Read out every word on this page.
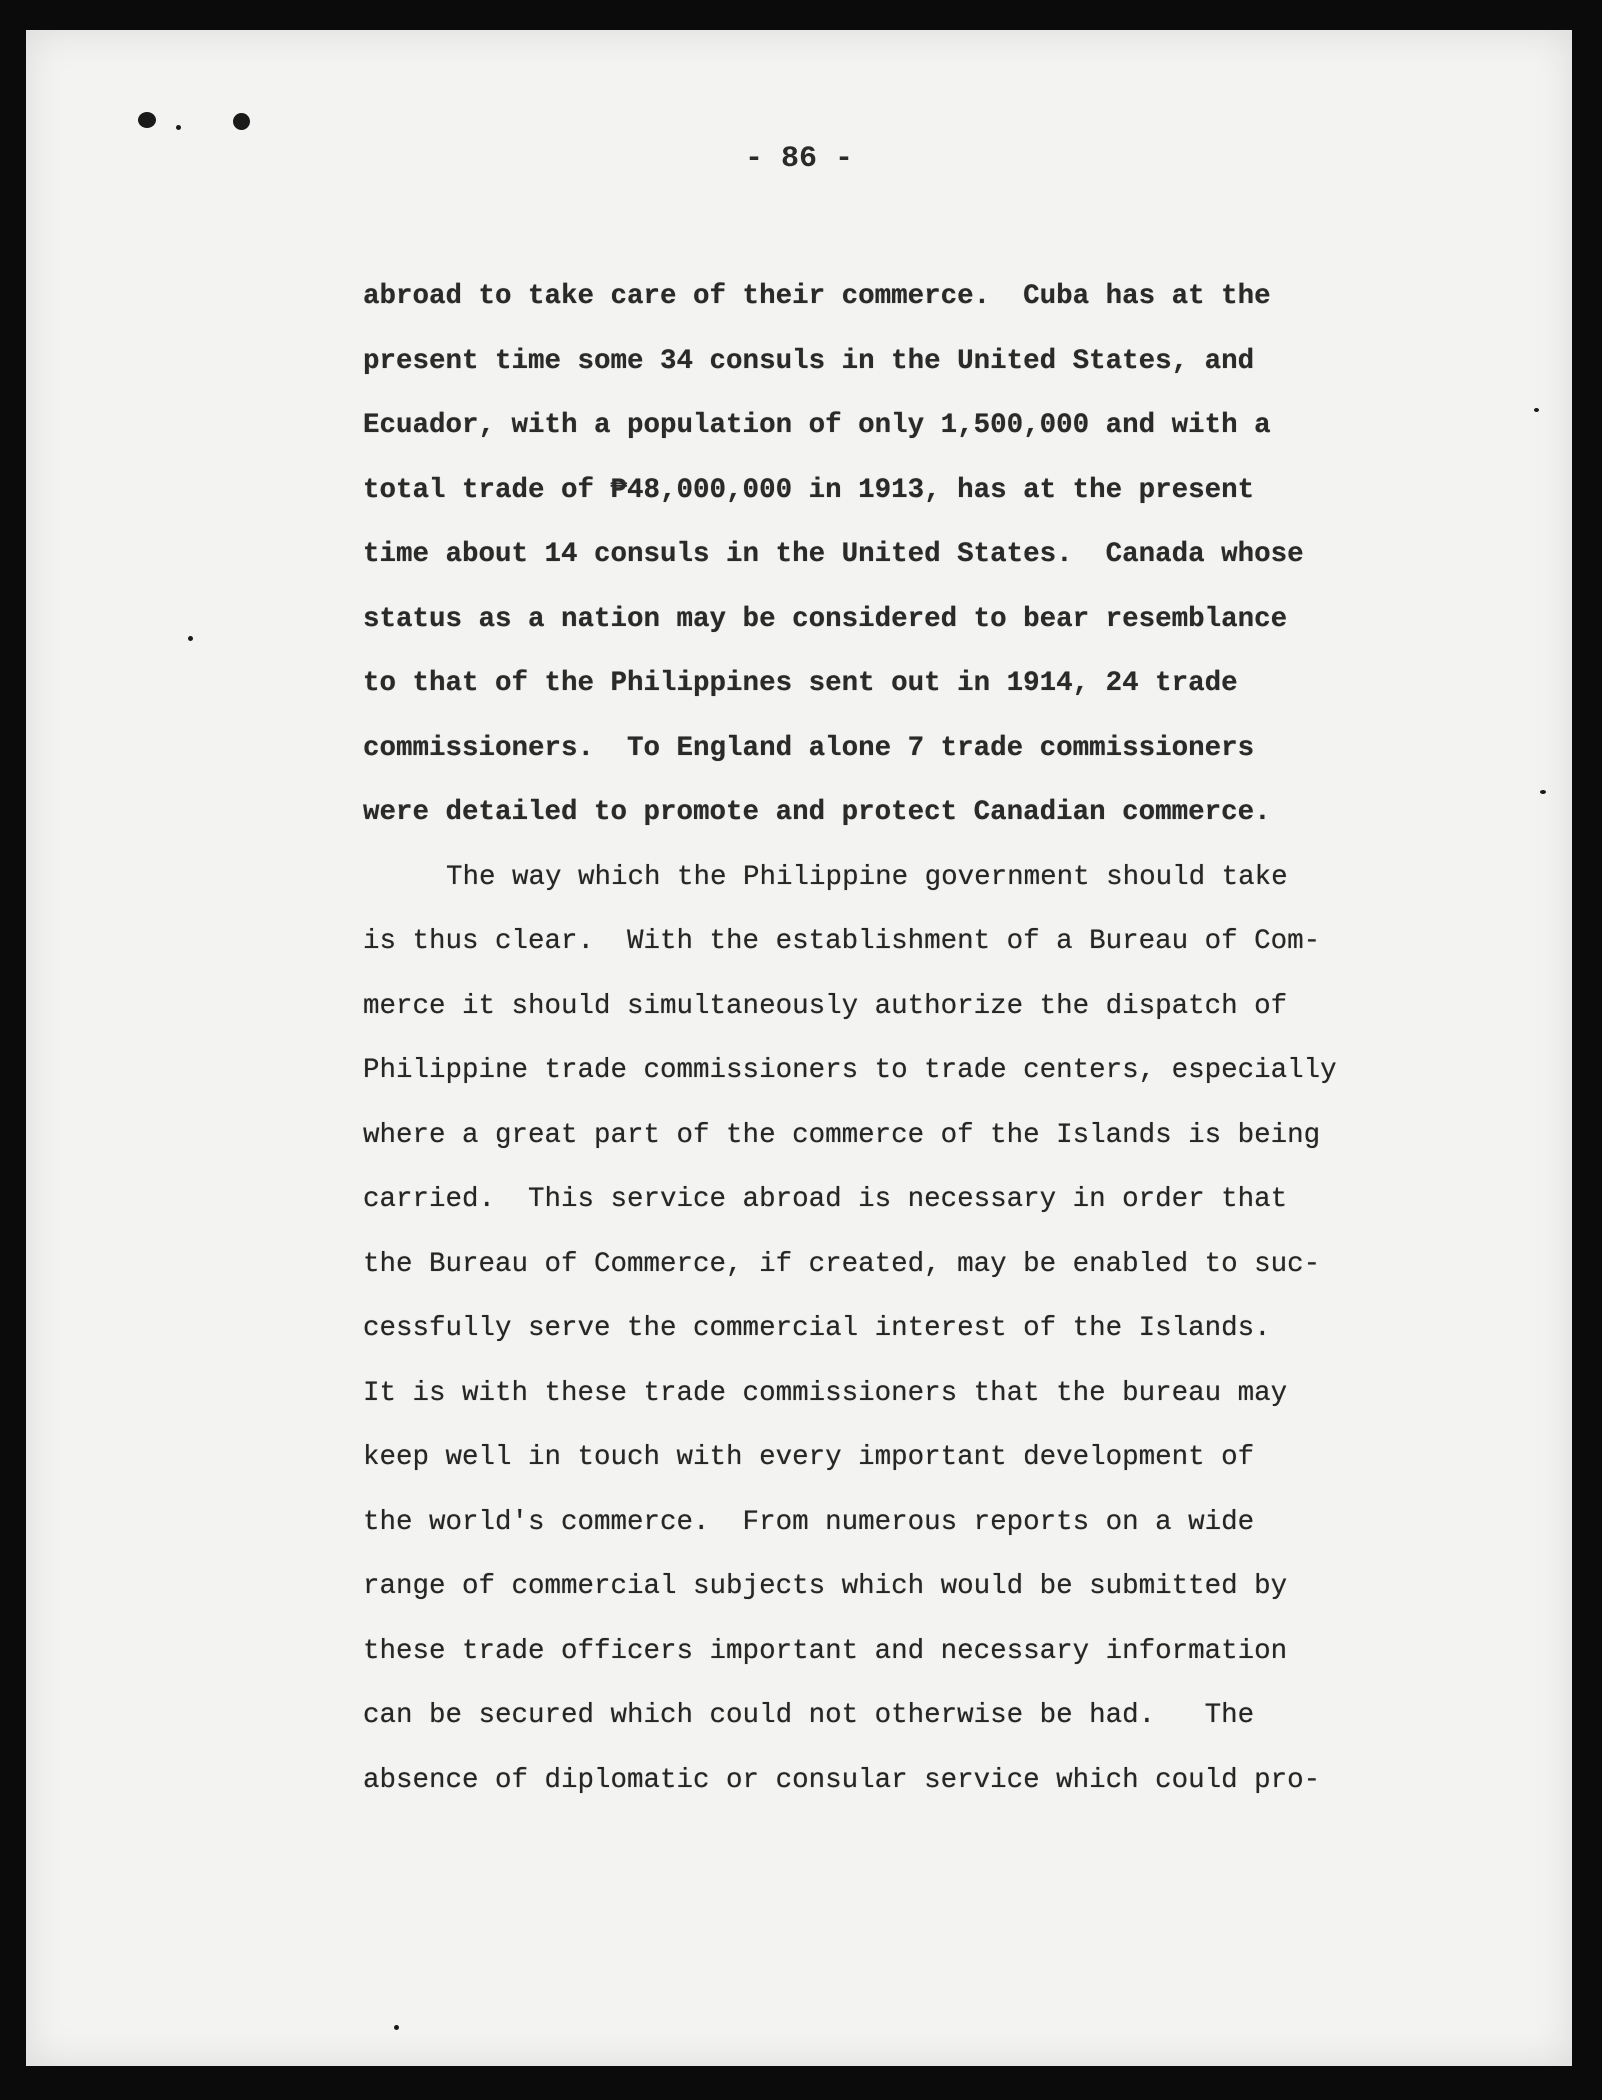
- 86 -
abroad to take care of their commerce.  Cuba has at the
present time some 34 consuls in the United States, and
Ecuador, with a population of only 1,500,000 and with a
total trade of ₱48,000,000 in 1913, has at the present
time about 14 consuls in the United States.  Canada whose
status as a nation may be considered to bear resemblance
to that of the Philippines sent out in 1914, 24 trade
commissioners.  To England alone 7 trade commissioners
were detailed to promote and protect Canadian commerce.
The way which the Philippine government should take
is thus clear.  With the establishment of a Bureau of Com-
merce it should simultaneously authorize the dispatch of
Philippine trade commissioners to trade centers, especially
where a great part of the commerce of the Islands is being
carried.  This service abroad is necessary in order that
the Bureau of Commerce, if created, may be enabled to suc-
cessfully serve the commercial interest of the Islands.
It is with these trade commissioners that the bureau may
keep well in touch with every important development of
the world's commerce.  From numerous reports on a wide
range of commercial subjects which would be submitted by
these trade officers important and necessary information
can be secured which could not otherwise be had.   The
absence of diplomatic or consular service which could pro-
